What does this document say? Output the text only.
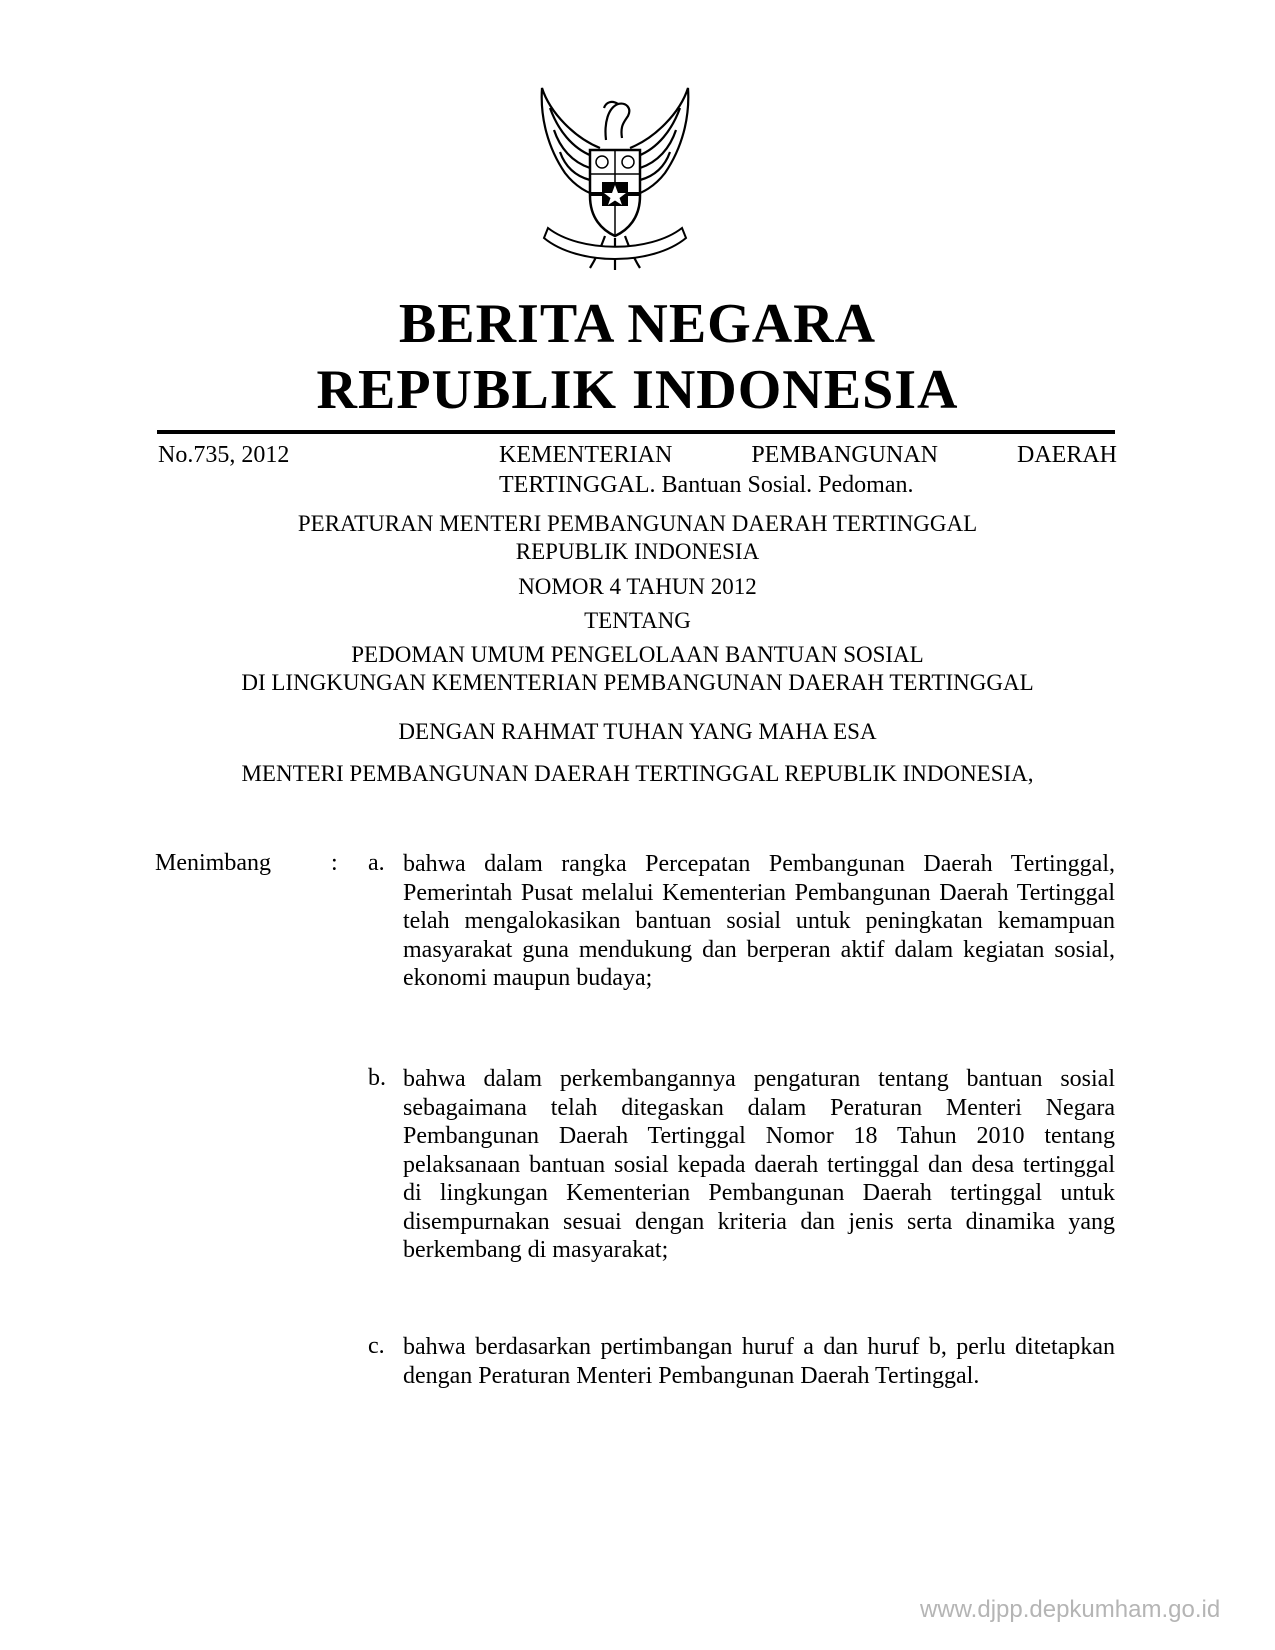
BERITA NEGARA
REPUBLIK INDONESIA
No.735, 2012	KEMENTERIAN PEMBANGUNAN DAERAH
TERTINGGAL. Bantuan Sosial. Pedoman.
PERATURAN MENTERI PEMBANGUNAN DAERAH TERTINGGAL
REPUBLIK INDONESIA
NOMOR 4 TAHUN 2012
TENTANG
PEDOMAN UMUM PENGELOLAAN BANTUAN SOSIAL
DI LINGKUNGAN KEMENTERIAN PEMBANGUNAN DAERAH TERTINGGAL
DENGAN RAHMAT TUHAN YANG MAHA ESA
MENTERI PEMBANGUNAN DAERAH TERTINGGAL REPUBLIK INDONESIA,
Menimbang	: a. bahwa dalam rangka Percepatan Pembangunan Daerah Tertinggal, Pemerintah Pusat melalui Kementerian Pembangunan Daerah Tertinggal telah mengalokasikan bantuan sosial untuk peningkatan kemampuan masyarakat guna mendukung dan berperan aktif dalam kegiatan sosial, ekonomi maupun budaya;
b. bahwa dalam perkembangannya pengaturan tentang bantuan sosial sebagaimana telah ditegaskan dalam Peraturan Menteri Negara Pembangunan Daerah Tertinggal Nomor 18 Tahun 2010 tentang pelaksanaan bantuan sosial kepada daerah tertinggal dan desa tertinggal di lingkungan Kementerian Pembangunan Daerah tertinggal untuk disempurnakan sesuai dengan kriteria dan jenis serta dinamika yang berkembang di masyarakat;
c. bahwa berdasarkan pertimbangan huruf a dan huruf b, perlu ditetapkan dengan Peraturan Menteri Pembangunan Daerah Tertinggal.
www.djpp.depkumham.go.id
